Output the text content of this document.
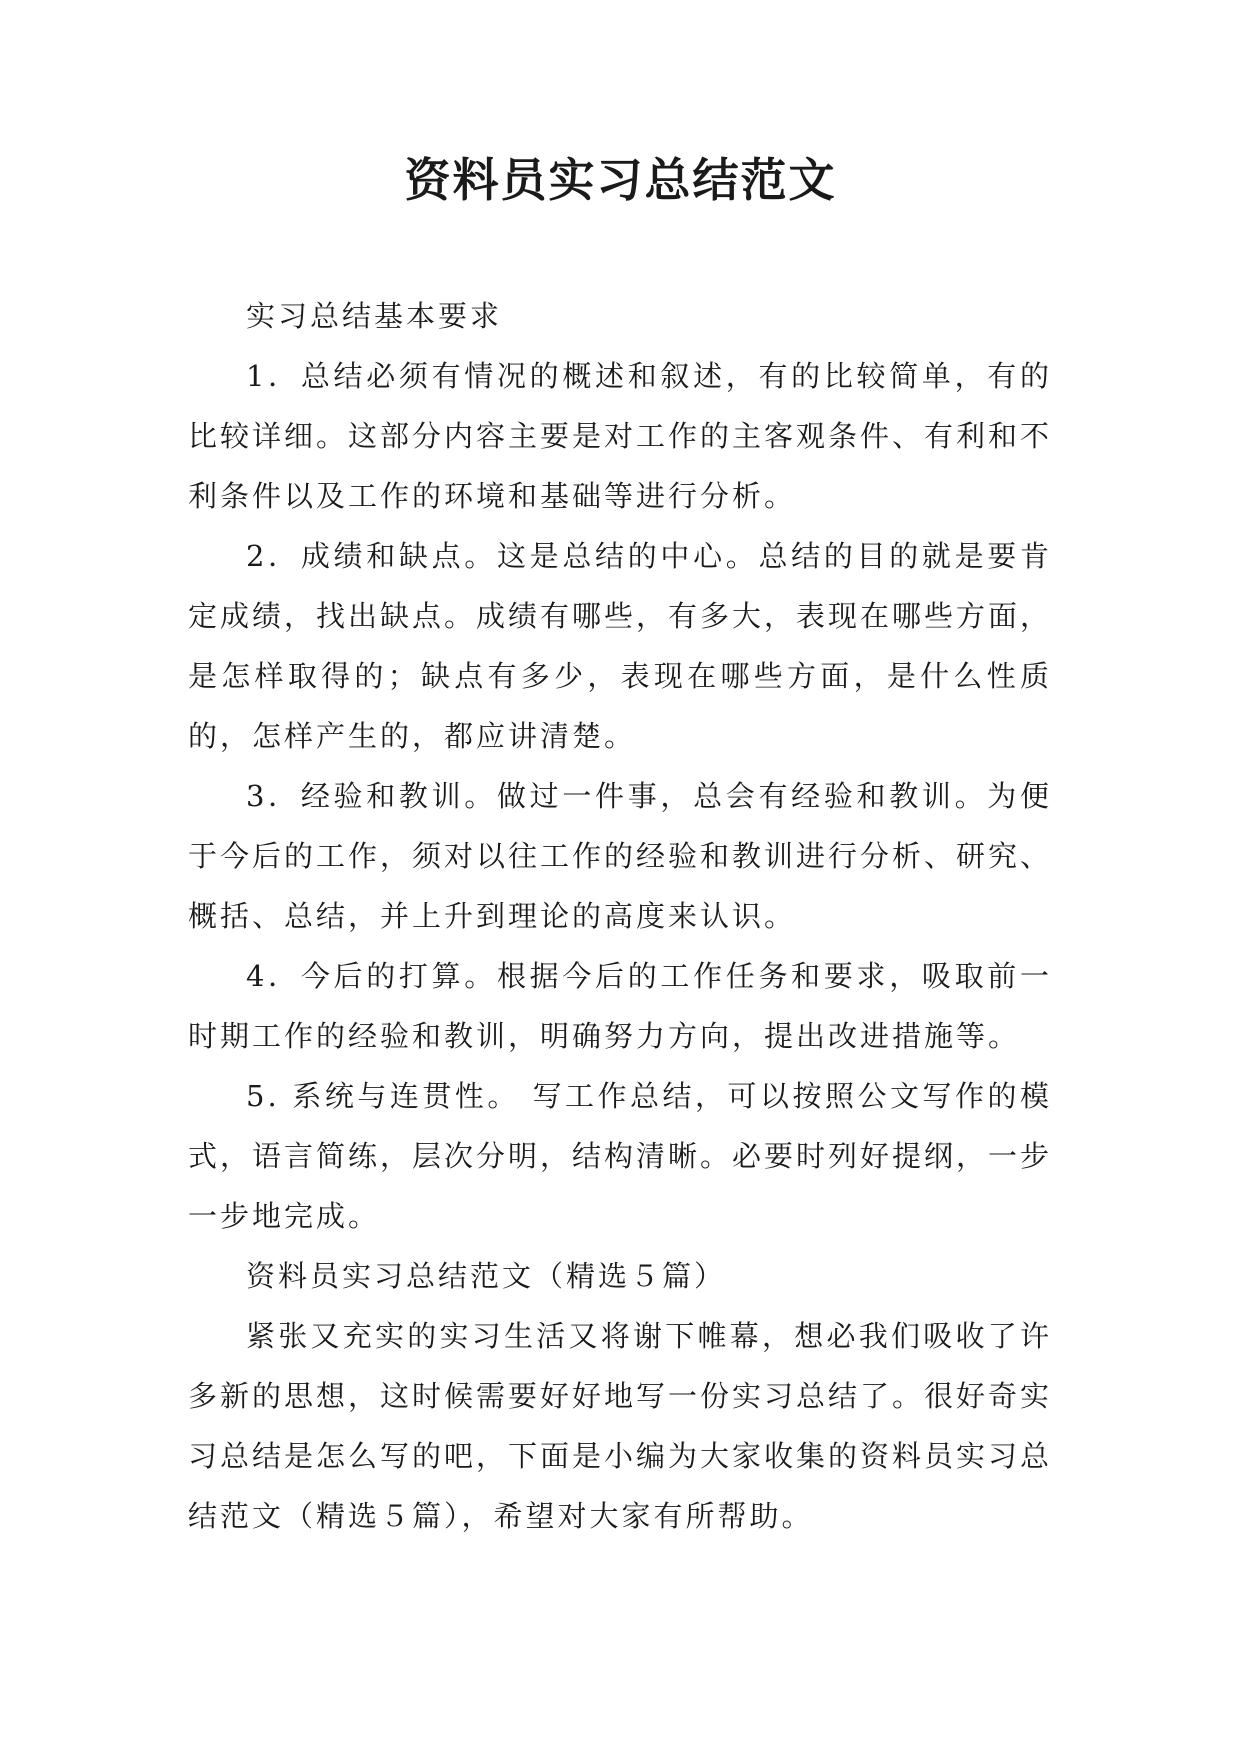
资料员实习总结范文

实习总结基本要求

1．总结必须有情况的概述和叙述，有的比较简单，有的比较详细。这部分内容主要是对工作的主客观条件、有利和不利条件以及工作的环境和基础等进行分析。

2．成绩和缺点。这是总结的中心。总结的目的就是要肯定成绩，找出缺点。成绩有哪些，有多大，表现在哪些方面，是怎样取得的；缺点有多少，表现在哪些方面，是什么性质的，怎样产生的，都应讲清楚。

3．经验和教训。做过一件事，总会有经验和教训。为便于今后的工作，须对以往工作的经验和教训进行分析、研究、概括、总结，并上升到理论的高度来认识。

4．今后的打算。根据今后的工作任务和要求，吸取前一时期工作的经验和教训，明确努力方向，提出改进措施等。

5. 系统与连贯性。 写工作总结，可以按照公文写作的模式，语言简练，层次分明，结构清晰。必要时列好提纲，一步一步地完成。

资料员实习总结范文（精选５篇）

紧张又充实的实习生活又将谢下帷幕，想必我们吸收了许多新的思想，这时候需要好好地写一份实习总结了。很好奇实习总结是怎么写的吧，下面是小编为大家收集的资料员实习总结范文（精选５篇），希望对大家有所帮助。
